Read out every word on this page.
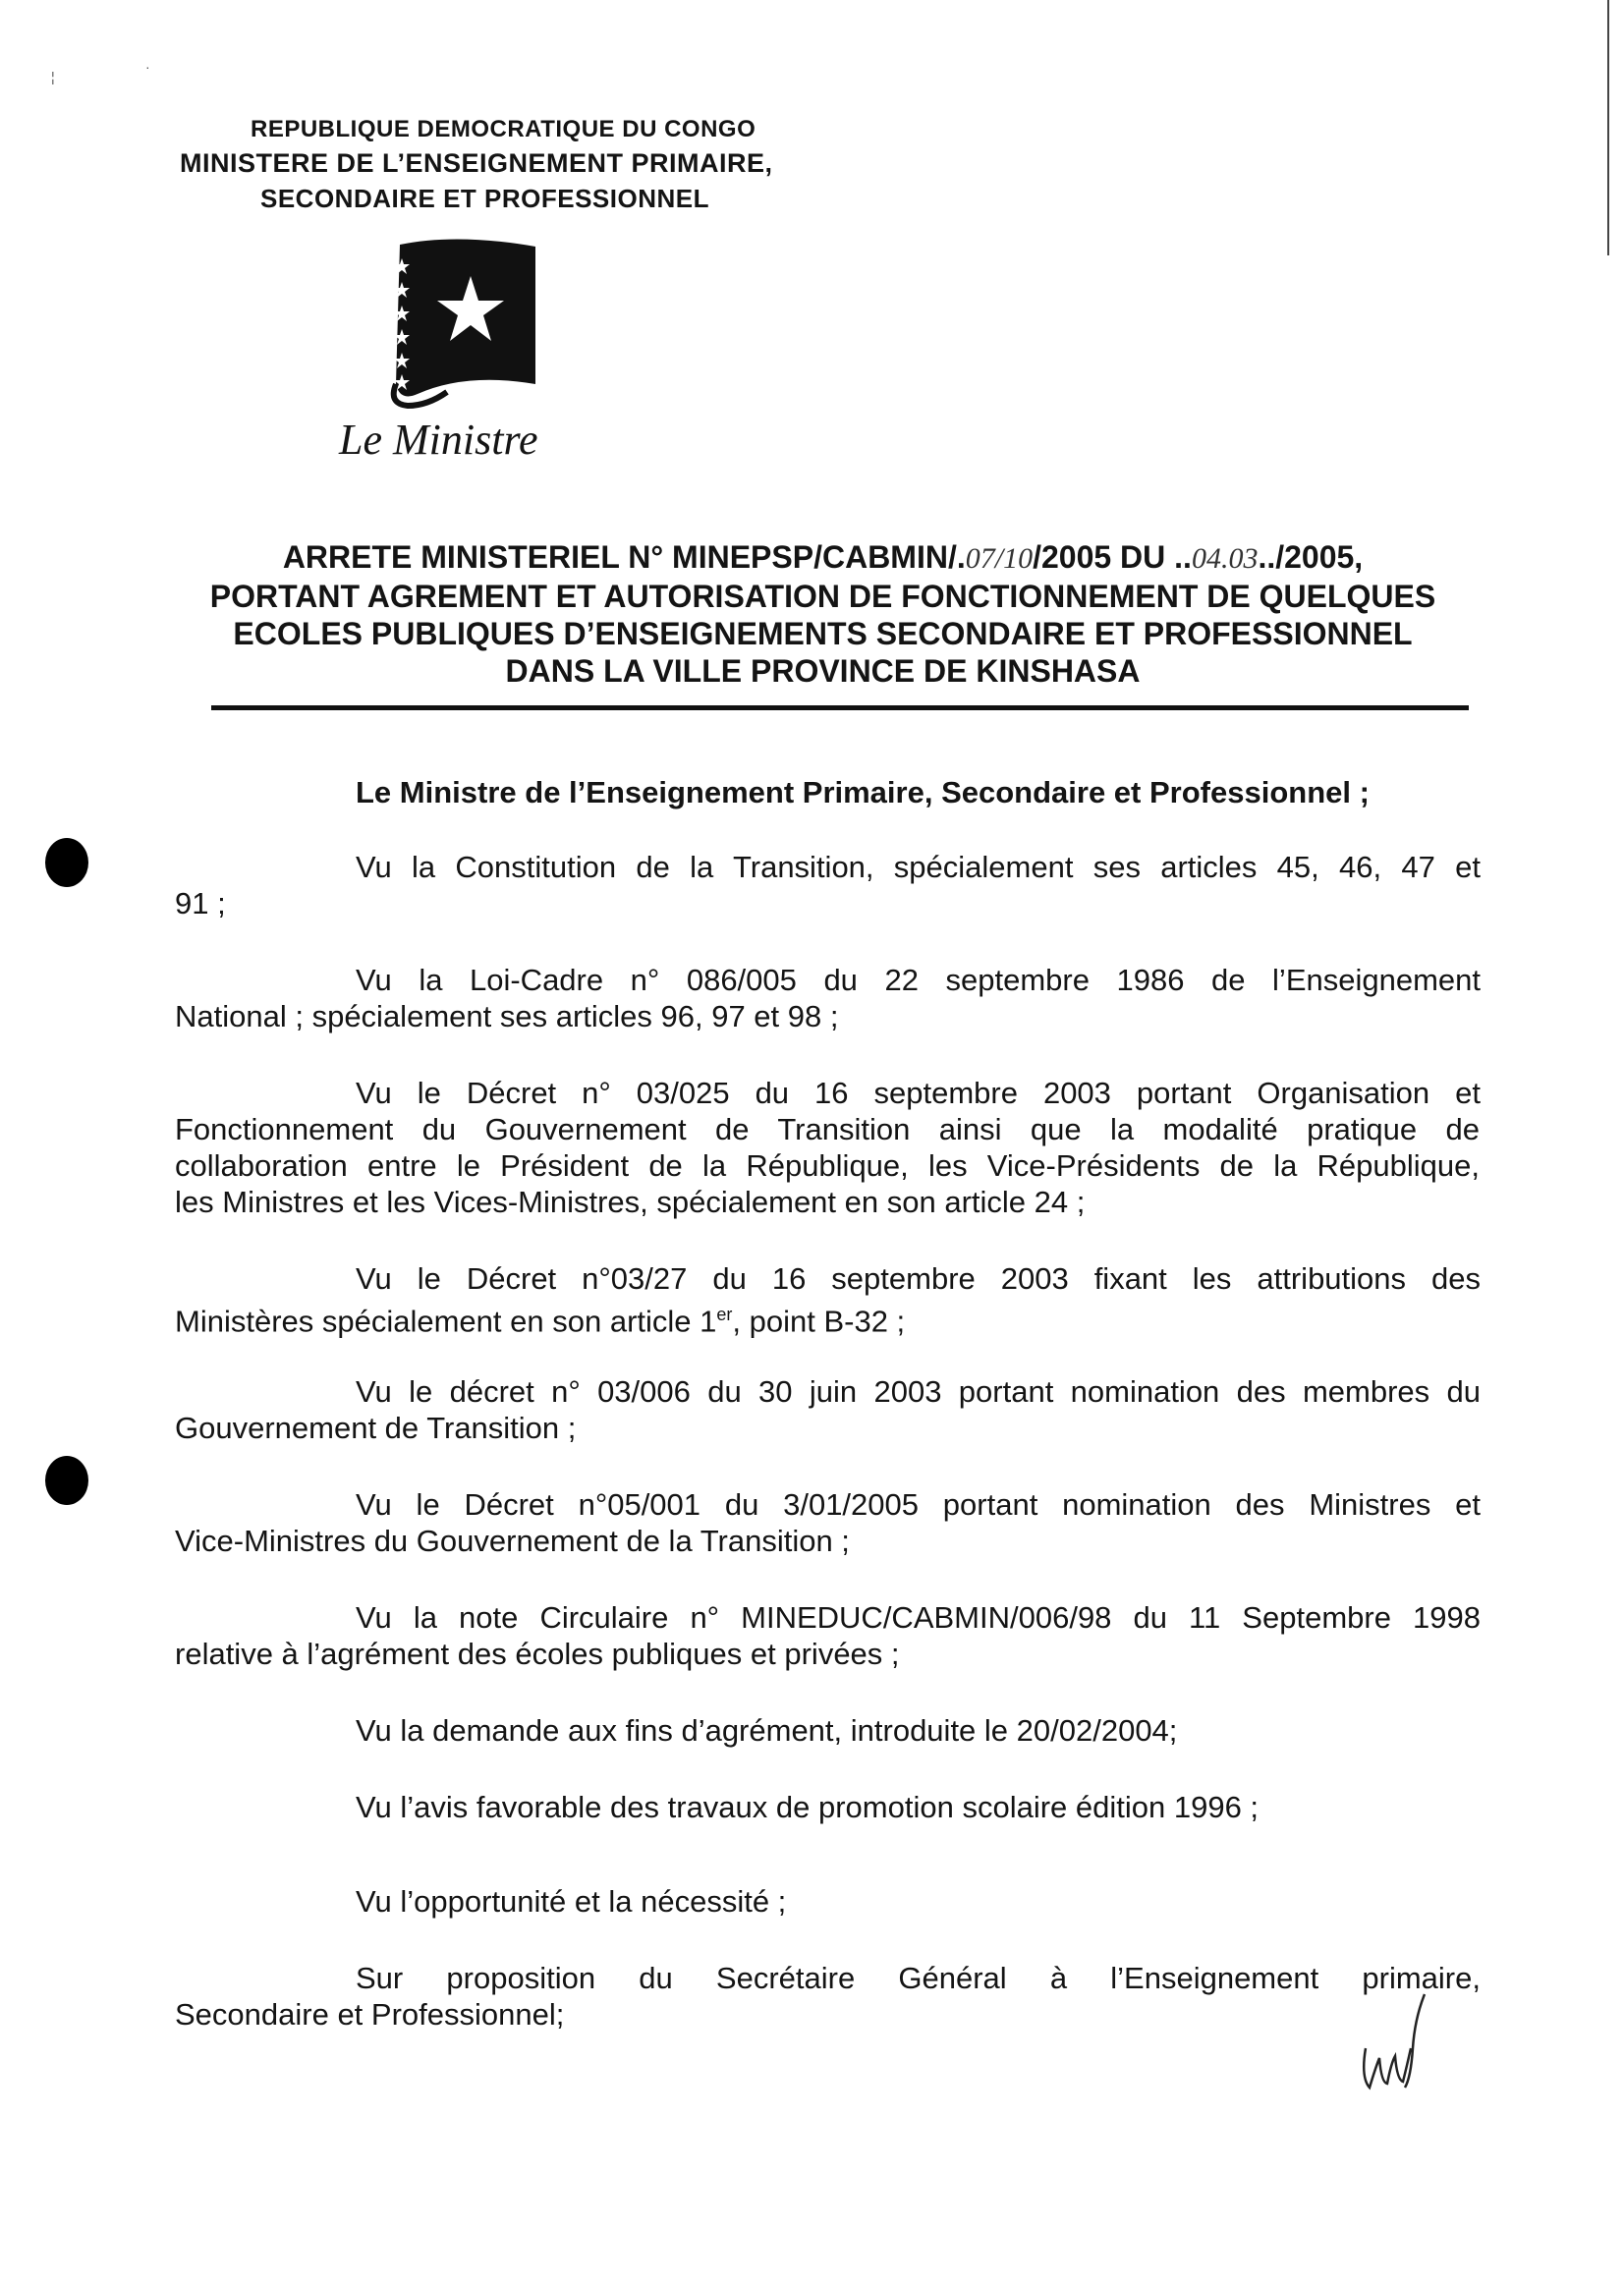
¦
·
REPUBLIQUE DEMOCRATIQUE DU CONGO
MINISTERE DE L’ENSEIGNEMENT PRIMAIRE,
SECONDAIRE ET PROFESSIONNEL
Le Ministre
ARRETE MINISTERIEL N° MINEPSP/CABMIN/.07/10/2005 DU ..04.03../2005,
PORTANT AGREMENT ET AUTORISATION DE FONCTIONNEMENT DE QUELQUES
ECOLES PUBLIQUES D’ENSEIGNEMENTS SECONDAIRE ET PROFESSIONNEL
DANS LA VILLE PROVINCE DE KINSHASA
Le Ministre de l’Enseignement Primaire, Secondaire et Professionnel ;
Vu la Constitution de la Transition, spécialement ses articles 45, 46, 47 et
91 ;
Vu la Loi-Cadre n° 086/005 du 22 septembre 1986 de l’Enseignement
National ; spécialement ses articles 96, 97 et 98 ;
Vu le Décret n° 03/025 du 16 septembre 2003 portant Organisation et
Fonctionnement du Gouvernement de Transition ainsi que la modalité pratique de
collaboration entre le Président de la République, les Vice-Présidents de la République,
les Ministres et les Vices-Ministres, spécialement en son article 24 ;
Vu le Décret n°03/27 du 16 septembre 2003 fixant les attributions des
Ministères spécialement en son article 1er, point B-32 ;
Vu le décret n° 03/006 du 30 juin 2003 portant nomination des membres du
Gouvernement de Transition ;
Vu le Décret n°05/001 du 3/01/2005 portant nomination des Ministres et
Vice-Ministres du Gouvernement de la Transition ;
Vu la note Circulaire n° MINEDUC/CABMIN/006/98 du 11 Septembre 1998
relative à l’agrément des écoles publiques et privées ;
Vu la demande aux fins d’agrément, introduite le 20/02/2004;
Vu l’avis favorable des travaux de promotion scolaire édition 1996 ;
Vu l’opportunité et la nécessité ;
Sur proposition du Secrétaire Général à l’Enseignement primaire,
Secondaire et Professionnel;
